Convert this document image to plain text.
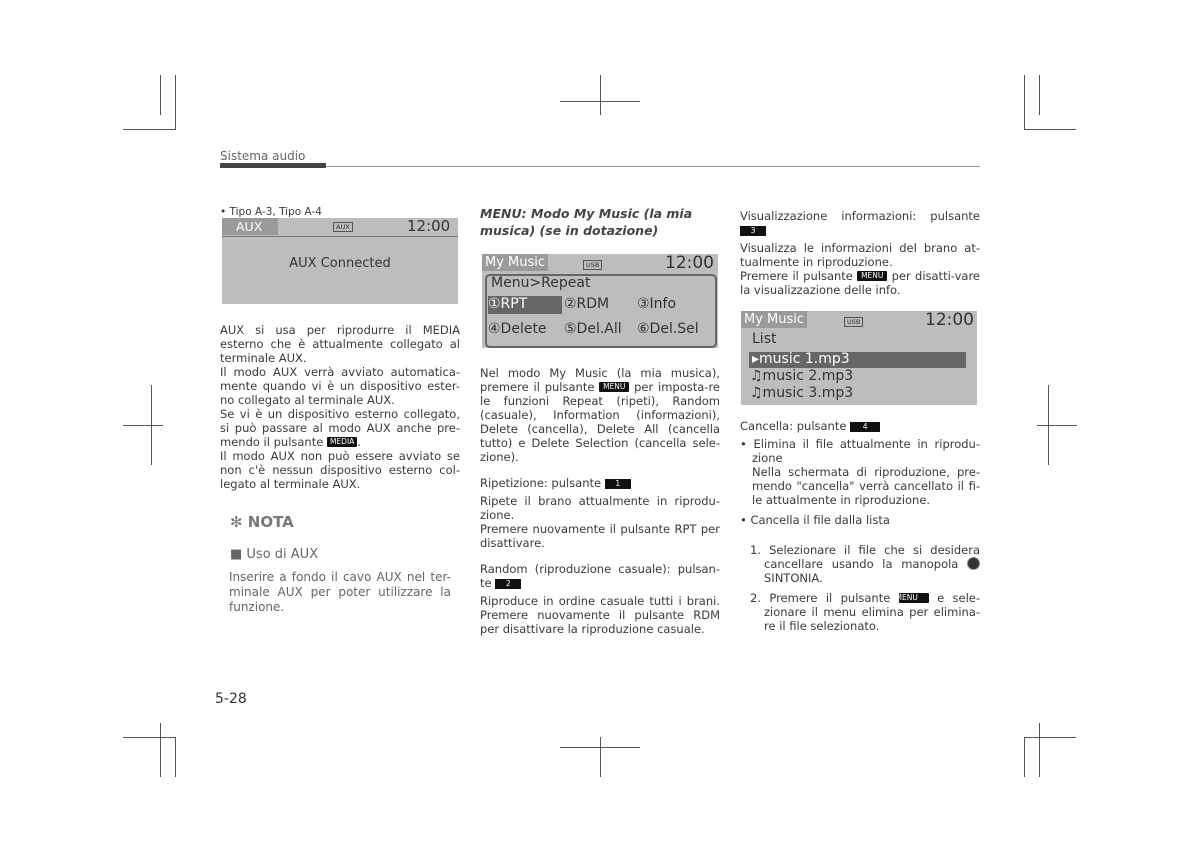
Sistema audio
• Tipo A-3, Tipo A-4
AUX	AUX	12:00
AUX Connected
AUX si usa per riprodurre il MEDIA esterno che è attualmente collegato al terminale AUX.
Il modo AUX verrà avviato automatica-mente quando vi è un dispositivo ester-no collegato al terminale AUX.
Se vi è un dispositivo esterno collegato, si può passare al modo AUX anche pre-mendo il pulsante MEDIA .
Il modo AUX non può essere avviato se non c'è nessun dispositivo esterno col-legato al terminale AUX.
✻ NOTA
■ Uso di AUX
Inserire a fondo il cavo AUX nel ter-minale AUX per poter utilizzare la funzione.
MENU: Modo My Music (la mia musica) (se in dotazione)
My Music	USB	12:00
Menu>Repeat
①RPT	②RDM ③Info
④Delete ⑤Del.All ⑥Del.Sel
Nel modo My Music (la mia musica), premere il pulsante MENU per imposta-re le funzioni Repeat (ripeti), Random (casuale), Information (informazioni), Delete (cancella), Delete All (cancella tutto) e Delete Selection (cancella sele-zione).
Ripetizione: pulsante 1
Ripete il brano attualmente in riprodu-zione.
Premere nuovamente il pulsante RPT per disattivare.
Random (riproduzione casuale): pulsan-te 2
Riproduce in ordine casuale tutti i brani. Premere nuovamente il pulsante RDM per disattivare la riproduzione casuale.
Visualizzazione informazioni: pulsante 3
Visualizza le informazioni del brano at-tualmente in riproduzione.
Premere il pulsante MENU per disatti-vare la visualizzazione delle info.
My Music	USB	12:00
List
▸music 1.mp3
♫music 2.mp3
♫music 3.mp3
Cancella: pulsante 4
• Elimina il file attualmente in riprodu-zione
Nella schermata di riproduzione, pre-mendo "cancella" verrà cancellato il fi-le attualmente in riproduzione.
• Cancella il file dalla lista
1. Selezionare il file che si desidera cancellare usando la manopola  SINTONIA.
2. Premere il pulsante MENU e sele-zionare il menu elimina per elimina-re il file selezionato.
5-28
